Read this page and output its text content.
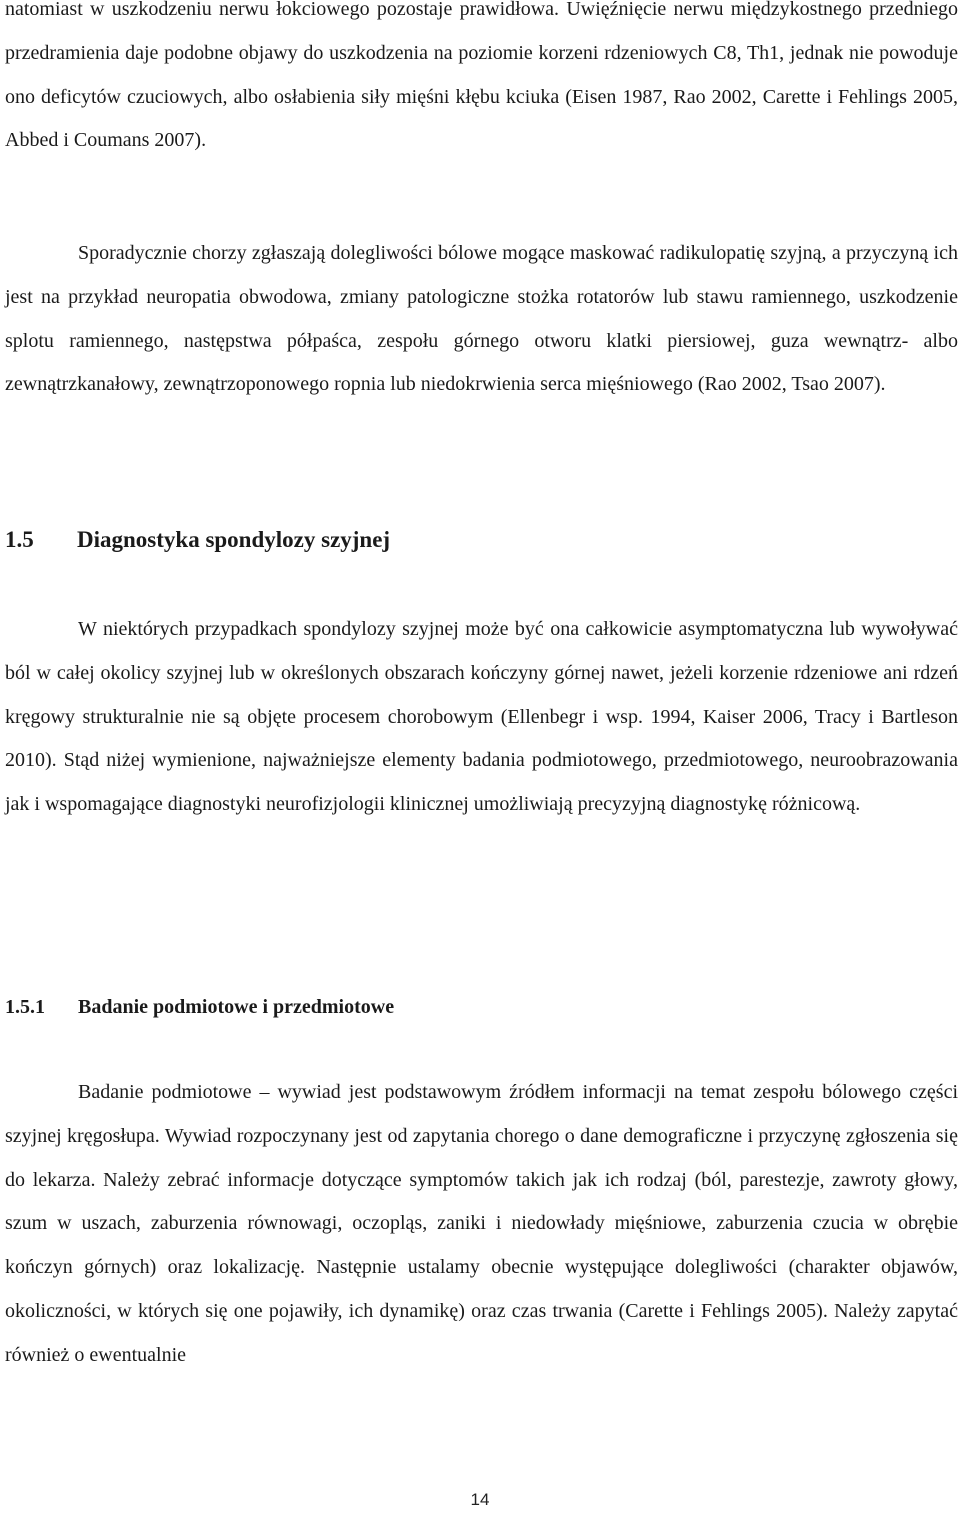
natomiast w uszkodzeniu nerwu łokciowego pozostaje prawidłowa. Uwięźnięcie nerwu międzykostnego przedniego przedramienia daje podobne objawy do uszkodzenia na poziomie korzeni rdzeniowych C8, Th1, jednak nie powoduje ono deficytów czuciowych, albo osłabienia siły mięśni kłębu kciuka (Eisen 1987, Rao 2002, Carette i Fehlings 2005, Abbed i Coumans 2007).

Sporadycznie chorzy zgłaszają dolegliwości bólowe mogące maskować radikulopatię szyjną, a przyczyną ich jest na przykład neuropatia obwodowa, zmiany patologiczne stożka rotatorów lub stawu ramiennego, uszkodzenie splotu ramiennego, następstwa półpaśca, zespołu górnego otworu klatki piersiowej, guza wewnątrz- albo zewnątrzkanałowy, zewnątrzoponowego ropnia lub niedokrwienia serca mięśniowego (Rao 2002, Tsao 2007).

1.5 Diagnostyka spondylozy szyjnej

W niektórych przypadkach spondylozy szyjnej może być ona całkowicie asymptomatyczna lub wywoływać ból w całej okolicy szyjnej lub w określonych obszarach kończyny górnej nawet, jeżeli korzenie rdzeniowe ani rdzeń kręgowy strukturalnie nie są objęte procesem chorobowym (Ellenbegr i wsp. 1994, Kaiser 2006, Tracy i Bartleson 2010). Stąd niżej wymienione, najważniejsze elementy badania podmiotowego, przedmiotowego, neuroobrazowania jak i wspomagające diagnostyki neurofizjologii klinicznej umożliwiają precyzyjną diagnostykę różnicową.

1.5.1 Badanie podmiotowe i przedmiotowe

Badanie podmiotowe – wywiad jest podstawowym źródłem informacji na temat zespołu bólowego części szyjnej kręgosłupa. Wywiad rozpoczynany jest od zapytania chorego o dane demograficzne i przyczynę zgłoszenia się do lekarza. Należy zebrać informacje dotyczące symptomów takich jak ich rodzaj (ból, parestezje, zawroty głowy, szum w uszach, zaburzenia równowagi, oczopląs, zaniki i niedowłady mięśniowe, zaburzenia czucia w obrębie kończyn górnych) oraz lokalizację. Następnie ustalamy obecnie występujące dolegliwości (charakter objawów, okoliczności, w których się one pojawiły, ich dynamikę) oraz czas trwania (Carette i Fehlings 2005). Należy zapytać również o ewentualnie

14
